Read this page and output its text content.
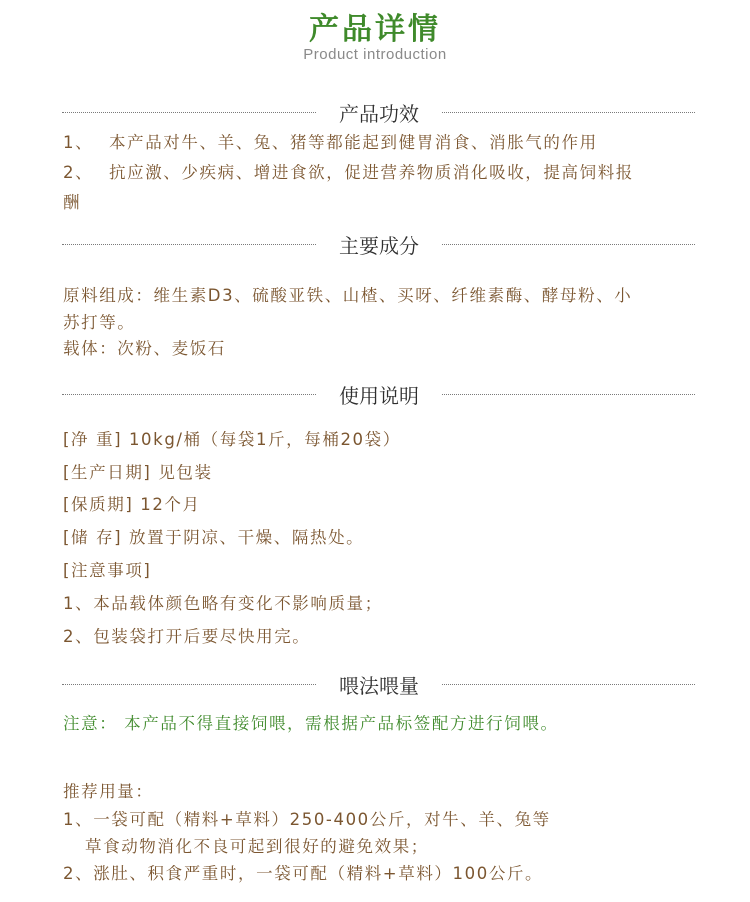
产品详情
Product introduction
产品功效
1、 本产品对牛、羊、兔、猪等都能起到健胃消食、消胀气的作用
2、 抗应激、少疾病、增进食欲，促进营养物质消化吸收，提高饲料报
酬
主要成分
原料组成：维生素D3、硫酸亚铁、山楂、买呀、纤维素酶、酵母粉、小
苏打等。
载体：次粉、麦饭石
使用说明
[净 重] 10kg/桶（每袋1斤，每桶20袋）
[生产日期] 见包装
[保质期] 12个月
[储 存] 放置于阴凉、干燥、隔热处。
[注意事项]
1、本品载体颜色略有变化不影响质量；
2、包装袋打开后要尽快用完。
喂法喂量
注意： 本产品不得直接饲喂，需根据产品标签配方进行饲喂。
推荐用量：
1、一袋可配（精料+草料）250-400公斤，对牛、羊、兔等
草食动物消化不良可起到很好的避免效果；
2、涨肚、积食严重时，一袋可配（精料+草料）100公斤。
